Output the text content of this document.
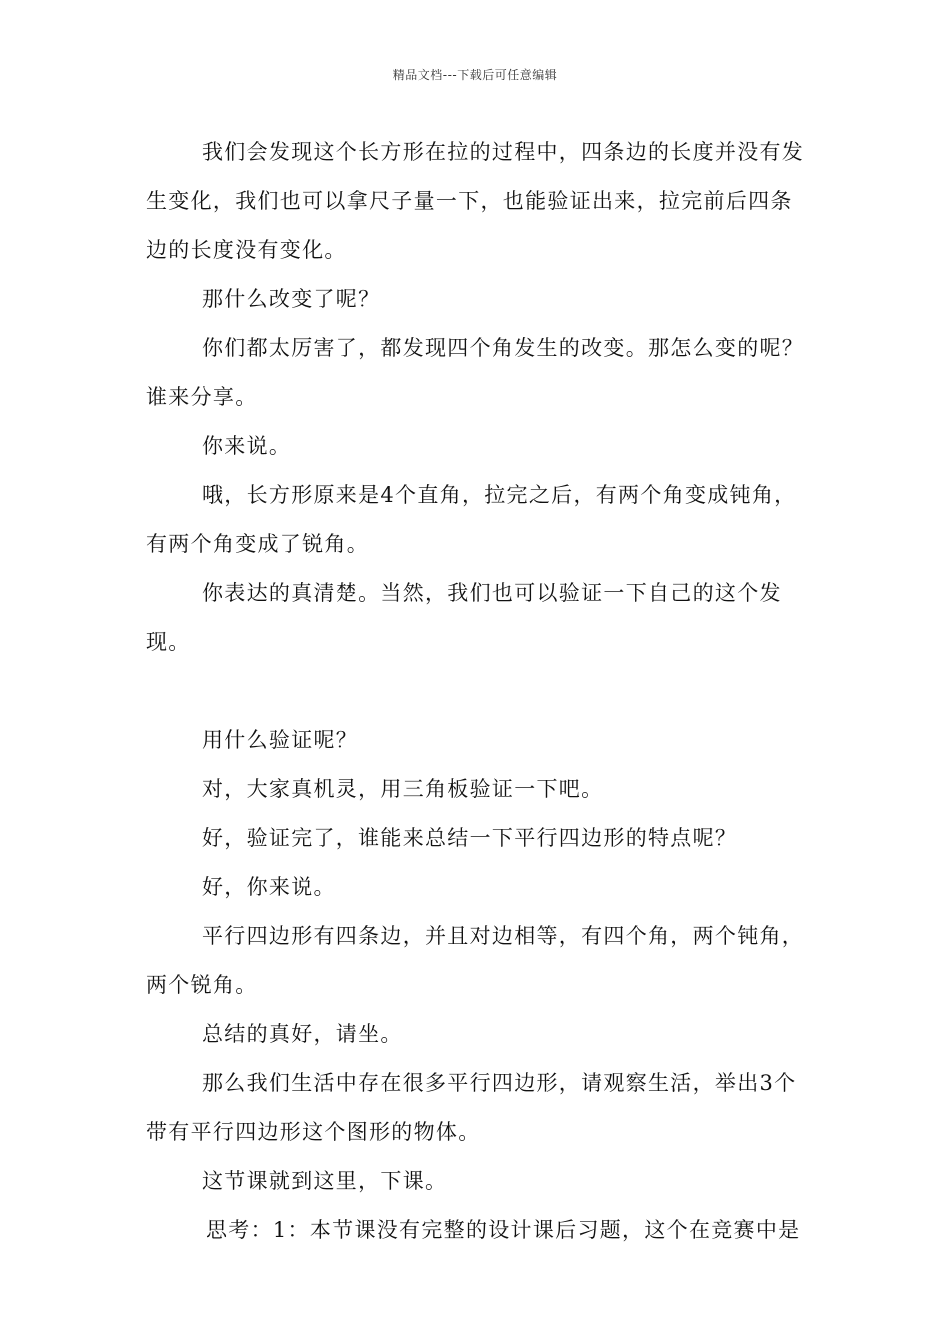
精品文档---下载后可任意编辑

我们会发现这个长方形在拉的过程中，四条边的长度并没有发生变化，我们也可以拿尺子量一下，也能验证出来，拉完前后四条边的长度没有变化。

那什么改变了呢？

你们都太厉害了，都发现四个角发生的改变。那怎么变的呢？谁来分享。

你来说。

哦，长方形原来是4个直角，拉完之后，有两个角变成钝角，有两个角变成了锐角。

你表达的真清楚。当然，我们也可以验证一下自己的这个发现。

用什么验证呢？

对，大家真机灵，用三角板验证一下吧。

好，验证完了，谁能来总结一下平行四边形的特点呢？

好，你来说。

平行四边形有四条边，并且对边相等，有四个角，两个钝角，两个锐角。

总结的真好，请坐。

那么我们生活中存在很多平行四边形，请观察生活，举出3个带有平行四边形这个图形的物体。

这节课就到这里，下课。

思考：1：本节课没有完整的设计课后习题，这个在竞赛中是
